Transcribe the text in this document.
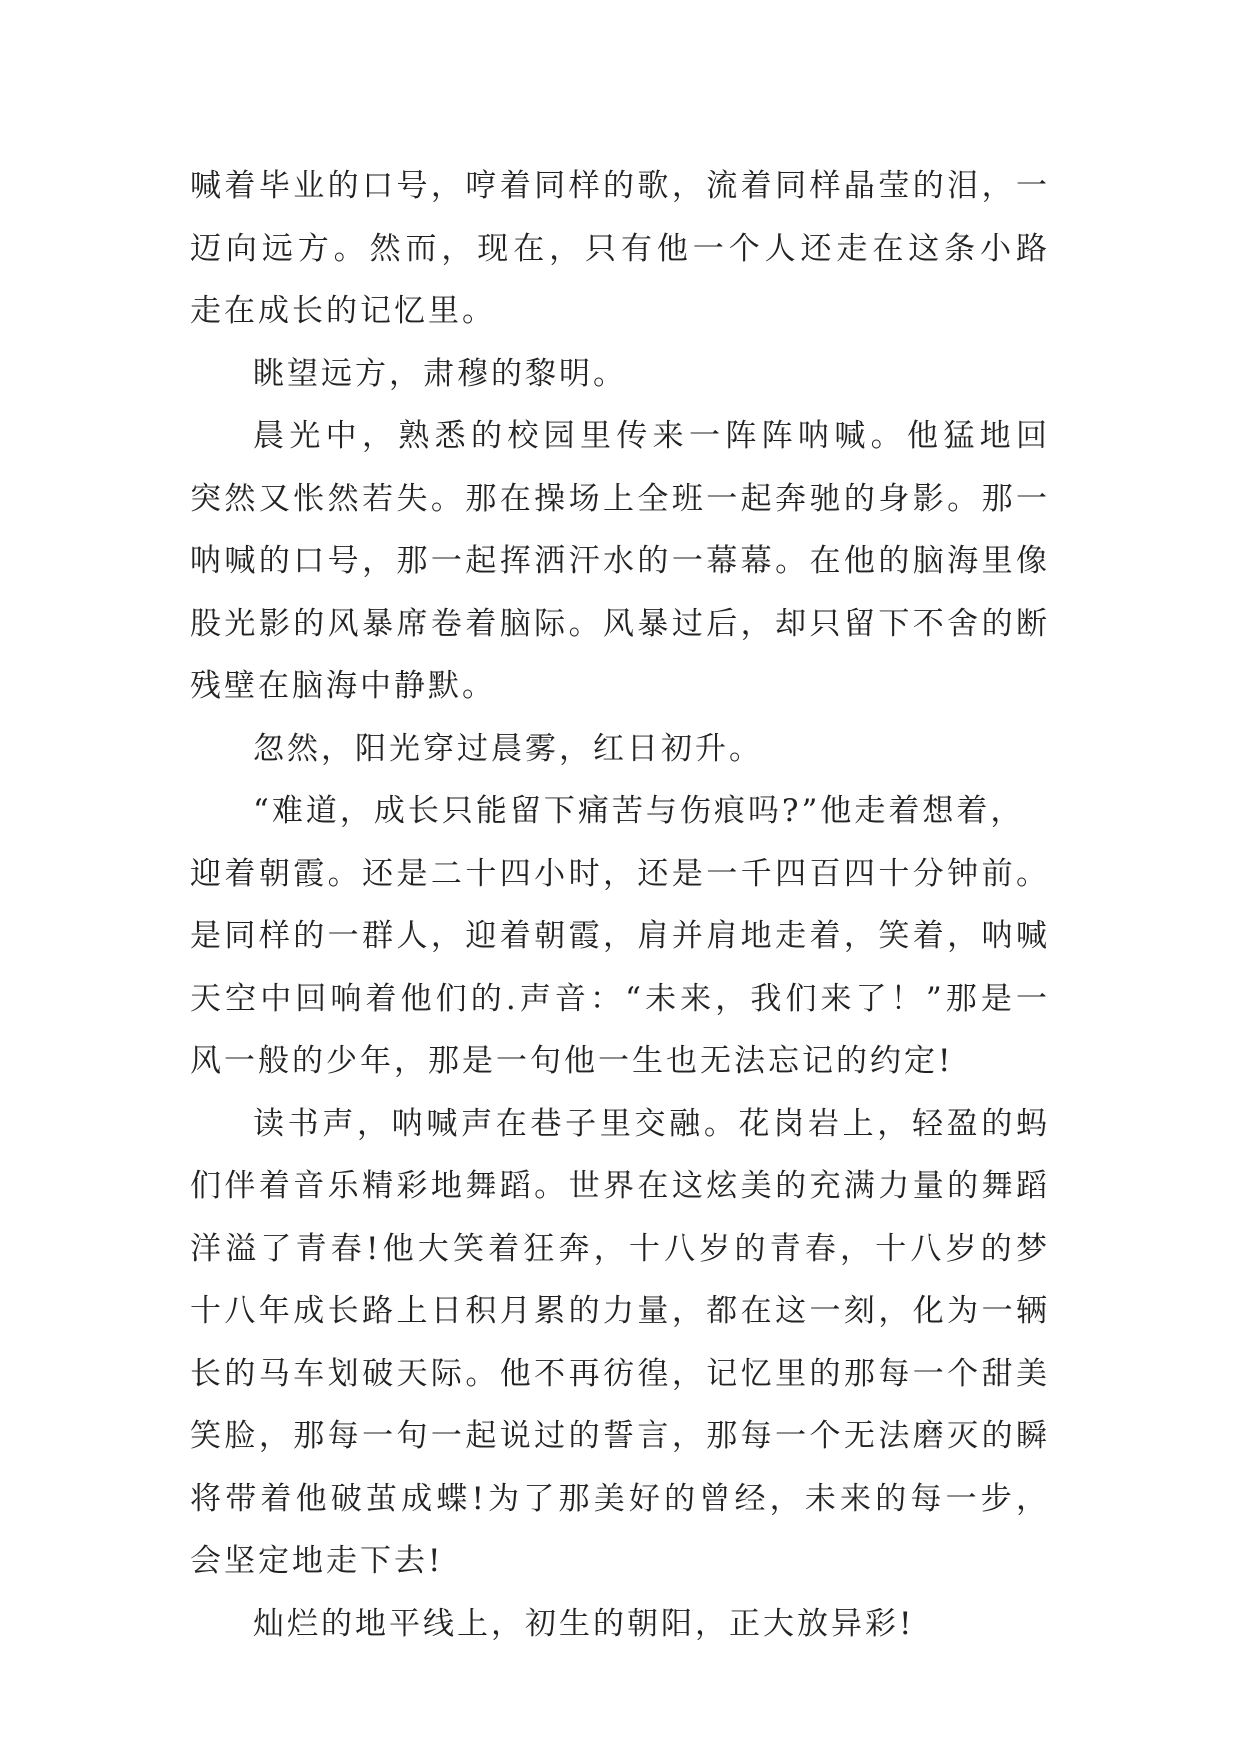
喊着毕业的口号，哼着同样的歌，流着同样晶莹的泪，一
迈向远方。然而，现在，只有他一个人还走在这条小路
走在成长的记忆里。
眺望远方，肃穆的黎明。
晨光中，熟悉的校园里传来一阵阵呐喊。他猛地回
突然又怅然若失。那在操场上全班一起奔驰的身影。那一
呐喊的口号，那一起挥洒汗水的一幕幕。在他的脑海里像
股光影的风暴席卷着脑际。风暴过后，却只留下不舍的断
残壁在脑海中静默。
忽然，阳光穿过晨雾，红日初升。
“难道，成长只能留下痛苦与伤痕吗?”他走着想着，
迎着朝霞。还是二十四小时，还是一千四百四十分钟前。
是同样的一群人，迎着朝霞，肩并肩地走着，笑着，呐喊
天空中回响着他们的.声音：“未来，我们来了！”那是一
风一般的少年，那是一句他一生也无法忘记的约定!
读书声，呐喊声在巷子里交融。花岗岩上，轻盈的蚂
们伴着音乐精彩地舞蹈。世界在这炫美的充满力量的舞蹈
洋溢了青春!他大笑着狂奔，十八岁的青春，十八岁的梦
十八年成长路上日积月累的力量，都在这一刻，化为一辆
长的马车划破天际。他不再彷徨，记忆里的那每一个甜美
笑脸，那每一句一起说过的誓言，那每一个无法磨灭的瞬
将带着他破茧成蝶!为了那美好的曾经，未来的每一步，
会坚定地走下去!
灿烂的地平线上，初生的朝阳，正大放异彩!
